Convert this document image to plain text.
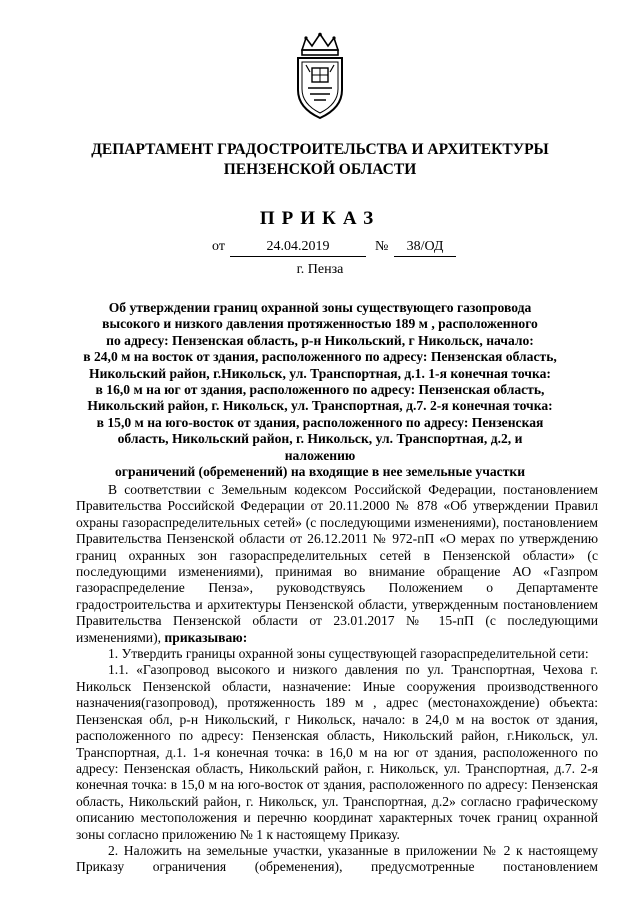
ДЕПАРТАМЕНТ ГРАДОСТРОИТЕЛЬСТВА И АРХИТЕКТУРЫ
ПЕНЗЕНСКОЙ ОБЛАСТИ
ПРИКАЗ
от	24.04.2019	№	38/ОД
г. Пенза
Об утверждении границ охранной зоны существующего газопровода
высокого и низкого давления протяженностью 189 м , расположенного
по адресу: Пензенская область, р-н Никольский, г Никольск, начало:
в 24,0 м на восток от здания, расположенного по адресу: Пензенская область,
Никольский район, г.Никольск, ул. Транспортная, д.1. 1-я конечная точка:
в 16,0 м на юг от здания, расположенного по адресу: Пензенская область,
Никольский район, г. Никольск, ул. Транспортная, д.7. 2-я конечная точка:
в 15,0 м на юго-восток от здания, расположенного по адресу: Пензенская
область, Никольский район, г. Никольск, ул. Транспортная, д.2, и наложению
ограничений (обременений) на входящие в нее земельные участки

В соответствии с Земельным кодексом Российской Федерации, постановлением Правительства Российской Федерации от 20.11.2000 № 878 «Об утверждении Правил охраны газораспределительных сетей» (с последующими изменениями), постановлением Правительства Пензенской области от 26.12.2011 № 972-пП «О мерах по утверждению границ охранных зон газораспределительных сетей в Пензенской области» (с последующими изменениями), принимая во внимание обращение АО «Газпром газораспределение Пенза», руководствуясь Положением о Департаменте градостроительства и архитектуры Пензенской области, утвержденным постановлением Правительства Пензенской области от 23.01.2017 № 15-пП (с последующими изменениями), приказываю:

1. Утвердить границы охранной зоны существующей газораспределительной сети:

1.1. «Газопровод высокого и низкого давления по ул. Транспортная, Чехова г. Никольск Пензенской области, назначение: Иные сооружения производственного назначения(газопровод), протяженность 189 м , адрес (местонахождение) объекта: Пензенская обл, р-н Никольский, г Никольск, начало: в 24,0 м на восток от здания, расположенного по адресу: Пензенская область, Никольский район, г.Никольск, ул. Транспортная, д.1. 1-я конечная точка: в 16,0 м на юг от здания, расположенного по адресу: Пензенская область, Никольский район, г. Никольск, ул. Транспортная, д.7. 2-я конечная точка: в 15,0 м на юго-восток от здания, расположенного по адресу: Пензенская область, Никольский район, г. Никольск, ул. Транспортная, д.2» согласно графическому описанию местоположения и перечню координат характерных точек границ охранной зоны согласно приложению № 1 к настоящему Приказу.

2. Наложить на земельные участки, указанные в приложении № 2 к настоящему Приказу ограничения (обременения), предусмотренные постановлением
